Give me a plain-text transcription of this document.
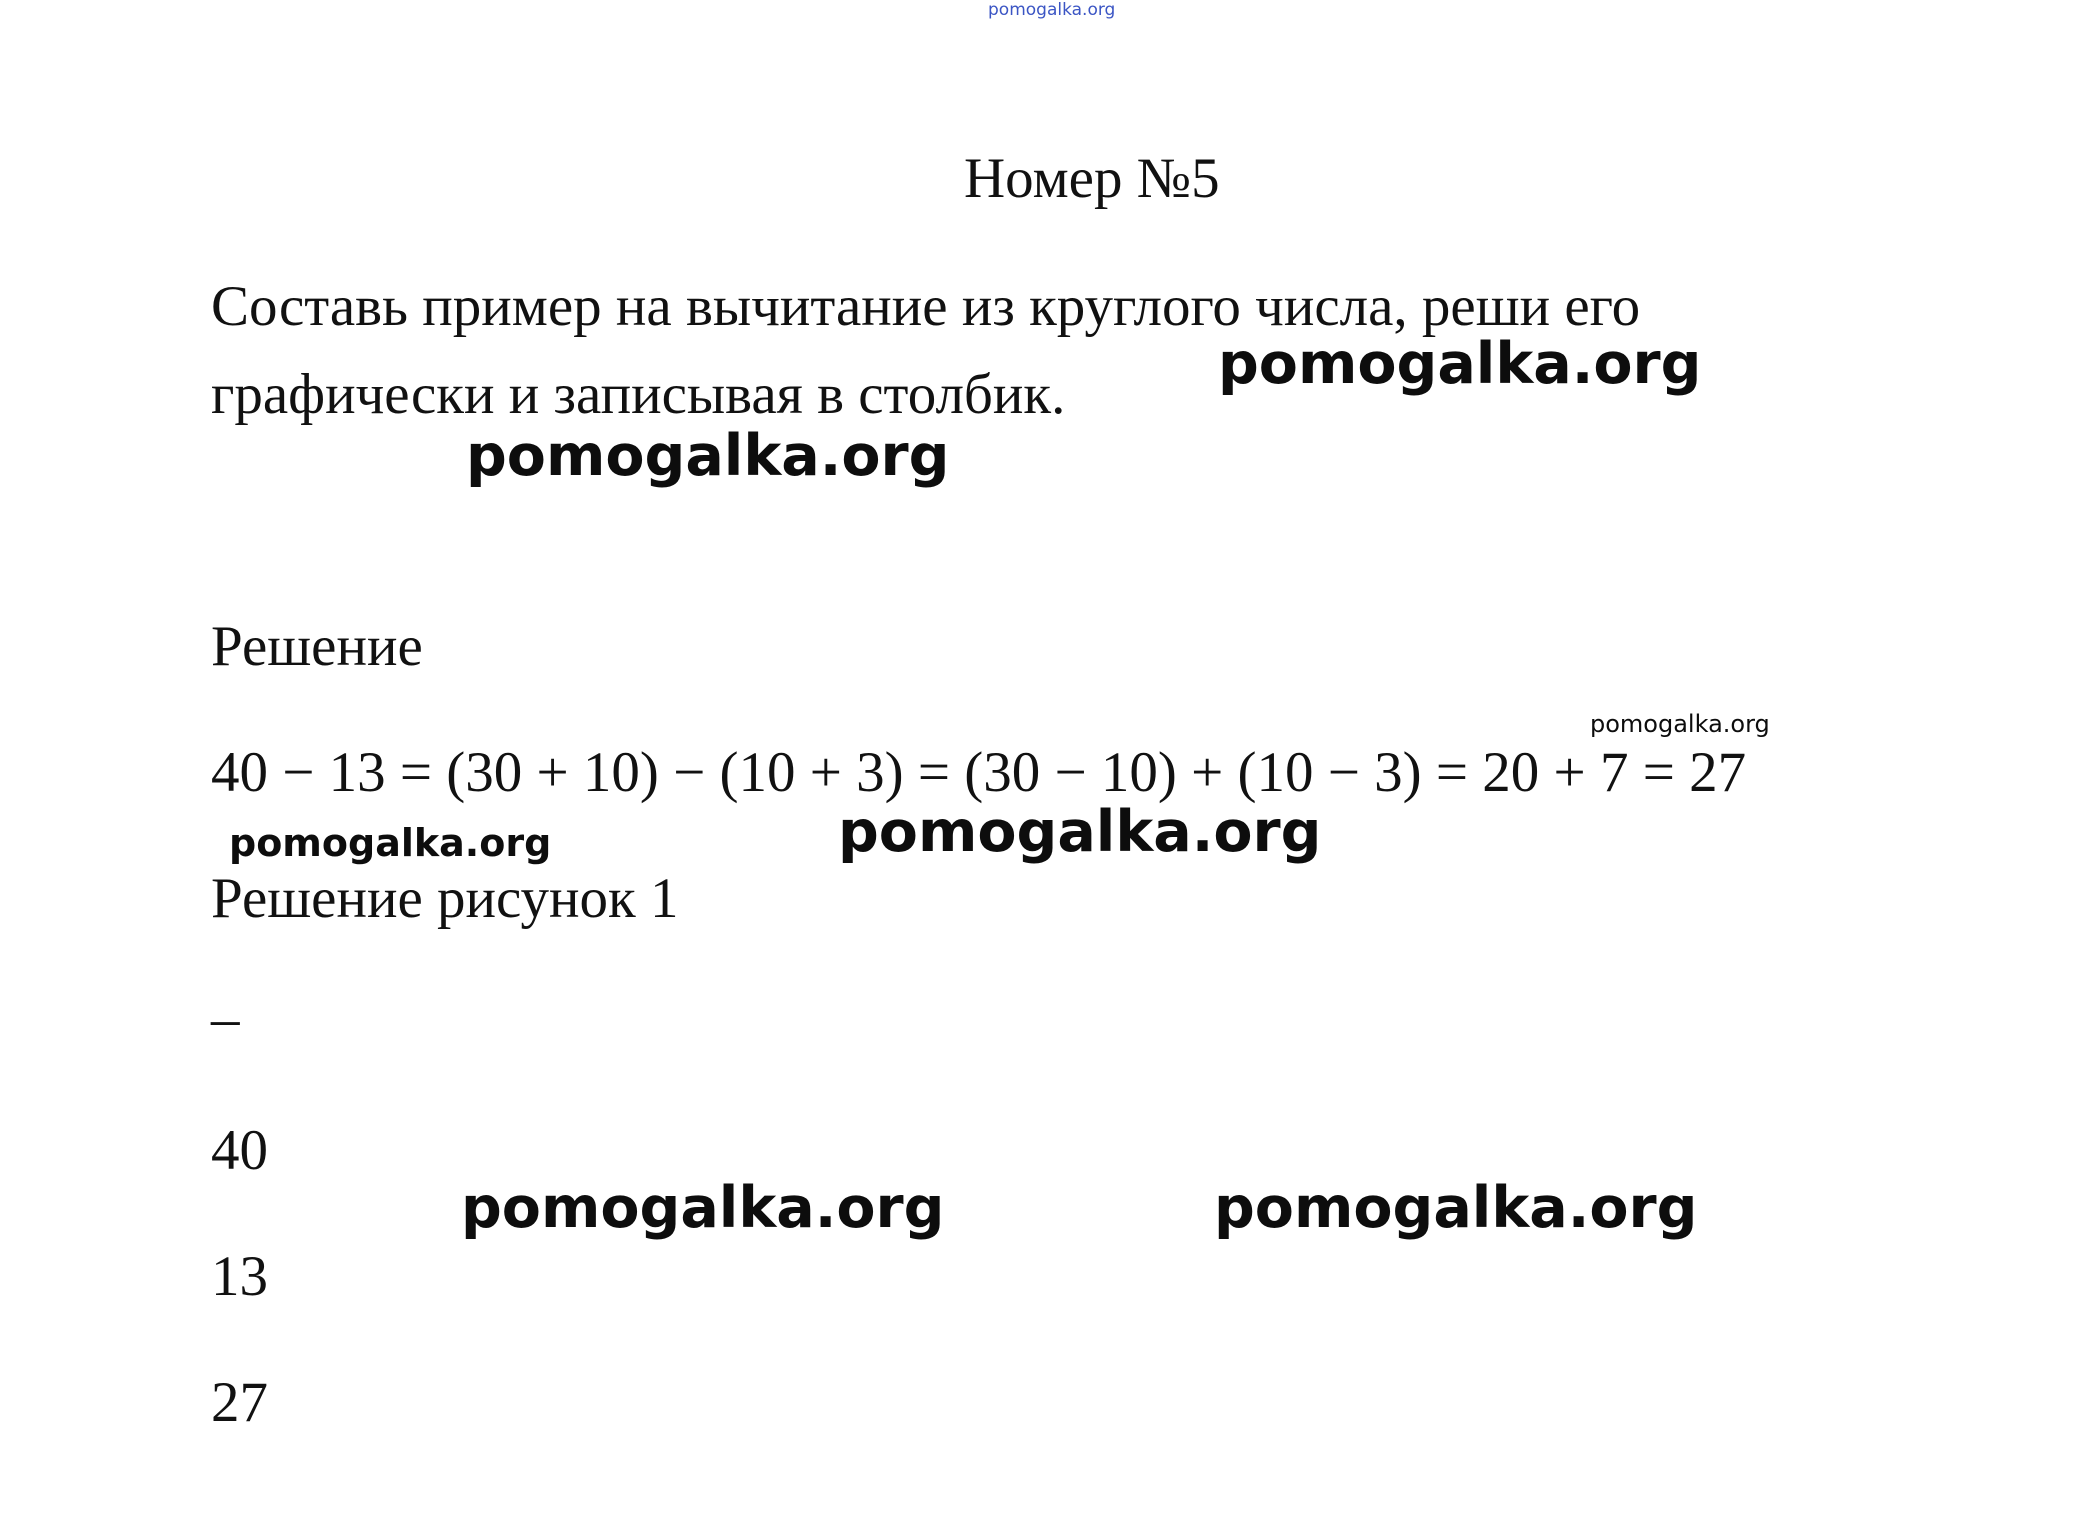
pomogalka.org
Номер №5
Составь пример на вычитание из круглого числа, реши его
графически и записывая в столбик.	pomogalka.org
pomogalka.org
Решение
pomogalka.org
40 − 13 = (30 + 10) − (10 + 3) = (30 − 10) + (10 − 3) = 20 + 7 = 27
pomogalka.org	pomogalka.org
Решение рисунок 1
–
40
pomogalka.org	pomogalka.org
13
27
